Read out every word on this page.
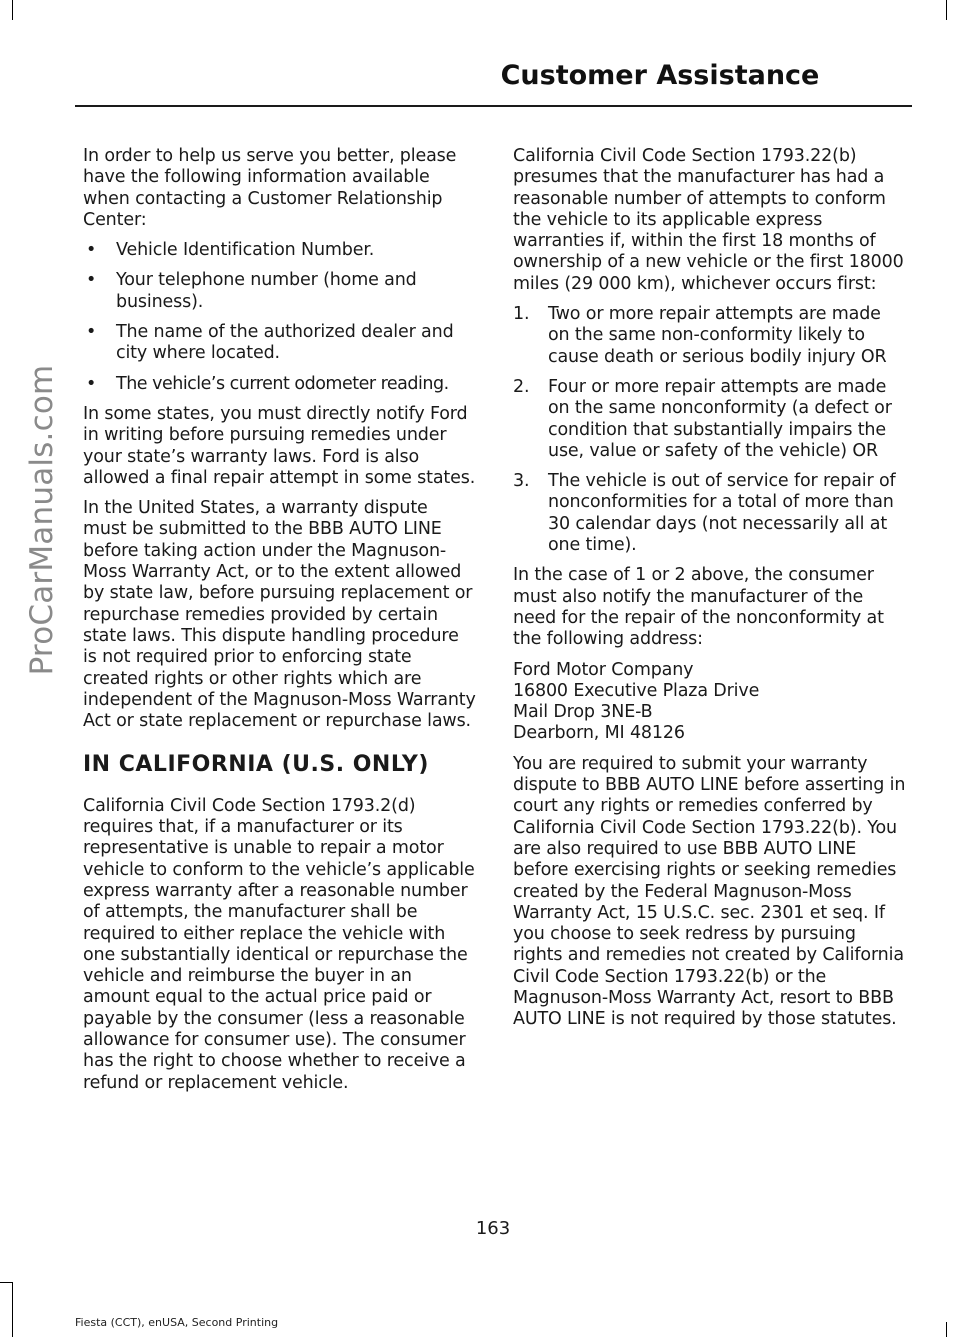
ProCarManuals.com
Customer Assistance

In order to help us serve you better, please have the following information available when contacting a Customer Relationship Center:

• Vehicle Identification Number.
• Your telephone number (home and business).
• The name of the authorized dealer and city where located.
• The vehicle’s current odometer reading.

In some states, you must directly notify Ford in writing before pursuing remedies under your state’s warranty laws. Ford is also allowed a final repair attempt in some states.

In the United States, a warranty dispute must be submitted to the BBB AUTO LINE before taking action under the Magnuson-Moss Warranty Act, or to the extent allowed by state law, before pursuing replacement or repurchase remedies provided by certain state laws. This dispute handling procedure is not required prior to enforcing state created rights or other rights which are independent of the Magnuson-Moss Warranty Act or state replacement or repurchase laws.

IN CALIFORNIA (U.S. ONLY)

California Civil Code Section 1793.2(d) requires that, if a manufacturer or its representative is unable to repair a motor vehicle to conform to the vehicle’s applicable express warranty after a reasonable number of attempts, the manufacturer shall be required to either replace the vehicle with one substantially identical or repurchase the vehicle and reimburse the buyer in an amount equal to the actual price paid or payable by the consumer (less a reasonable allowance for consumer use). The consumer has the right to choose whether to receive a refund or replacement vehicle.

California Civil Code Section 1793.22(b) presumes that the manufacturer has had a reasonable number of attempts to conform the vehicle to its applicable express warranties if, within the first 18 months of ownership of a new vehicle or the first 18000 miles (29 000 km), whichever occurs first:

1. Two or more repair attempts are made on the same non-conformity likely to cause death or serious bodily injury OR
2. Four or more repair attempts are made on the same nonconformity (a defect or condition that substantially impairs the use, value or safety of the vehicle) OR
3. The vehicle is out of service for repair of nonconformities for a total of more than 30 calendar days (not necessarily all at one time).

In the case of 1 or 2 above, the consumer must also notify the manufacturer of the need for the repair of the nonconformity at the following address:

Ford Motor Company
16800 Executive Plaza Drive
Mail Drop 3NE-B
Dearborn, MI 48126

You are required to submit your warranty dispute to BBB AUTO LINE before asserting in court any rights or remedies conferred by California Civil Code Section 1793.22(b). You are also required to use BBB AUTO LINE before exercising rights or seeking remedies created by the Federal Magnuson-Moss Warranty Act, 15 U.S.C. sec. 2301 et seq. If you choose to seek redress by pursuing rights and remedies not created by California Civil Code Section 1793.22(b) or the Magnuson-Moss Warranty Act, resort to BBB AUTO LINE is not required by those statutes.

163
Fiesta (CCT), enUSA, Second Printing
